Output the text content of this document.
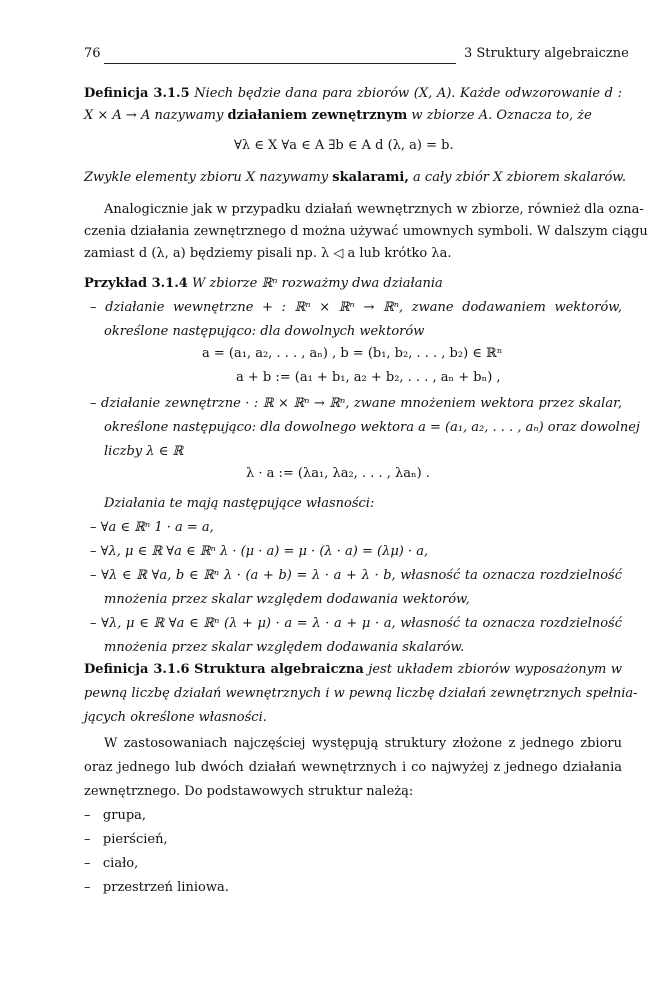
76	3 Struktury algebraiczne
Definicja 3.1.5 Niech będzie dana para zbiorów (X, A). Każde odwzorowanie d :
X × A → A nazywamy działaniem zewnętrznym w zbiorze A. Oznacza to, że
∀λ ∈ X ∀a ∈ A ∃b ∈ A d (λ, a) = b.
Zwykle elementy zbioru X nazywamy skalarami, a cały zbiór X zbiorem skalarów.
Analogicznie jak w przypadku działań wewnętrznych w zbiorze, również dla ozna-
czenia działania zewnętrznego d można używać umownych symboli. W dalszym ciągu
zamiast d (λ, a) będziemy pisali np. λ ◁ a lub krótko λa.
Przykład 3.1.4 W zbiorze ℝⁿ rozważmy dwa działania
– działanie wewnętrzne + : ℝⁿ × ℝⁿ → ℝⁿ, zwane dodawaniem wektorów,
określone następująco: dla dowolnych wektorów
a = (a₁, a₂, . . . , aₙ) , b = (b₁, b₂, . . . , b₂) ∈ ℝⁿ
a + b := (a₁ + b₁, a₂ + b₂, . . . , aₙ + bₙ) ,
– działanie zewnętrzne · : ℝ × ℝⁿ → ℝⁿ, zwane mnożeniem wektora przez skalar,
określone następująco: dla dowolnego wektora a = (a₁, a₂, . . . , aₙ) oraz dowolnej
liczby λ ∈ ℝ
λ · a := (λa₁, λa₂, . . . , λaₙ) .
Działania te mają następujące własności:
– ∀a ∈ ℝⁿ 1 · a = a,
– ∀λ, μ ∈ ℝ ∀a ∈ ℝⁿ λ · (μ · a) = μ · (λ · a) = (λμ) · a,
– ∀λ ∈ ℝ ∀a, b ∈ ℝⁿ λ · (a + b) = λ · a + λ · b, własność ta oznacza rozdzielność
mnożenia przez skalar względem dodawania wektorów,
– ∀λ, μ ∈ ℝ ∀a ∈ ℝⁿ (λ + μ) · a = λ · a + μ · a, własność ta oznacza rozdzielność
mnożenia przez skalar względem dodawania skalarów.
Definicja 3.1.6 Struktura algebraiczna jest układem zbiorów wyposażonym w
pewną liczbę działań wewnętrznych i w pewną liczbę działań zewnętrznych spełnia-
jących określone własności.
W zastosowaniach najczęściej występują struktury złożone z jednego zbioru
oraz jednego lub dwóch działań wewnętrznych i co najwyżej z jednego działania
zewnętrznego. Do podstawowych struktur należą:
–   grupa,
–   pierścień,
–   ciało,
–   przestrzeń liniowa.
